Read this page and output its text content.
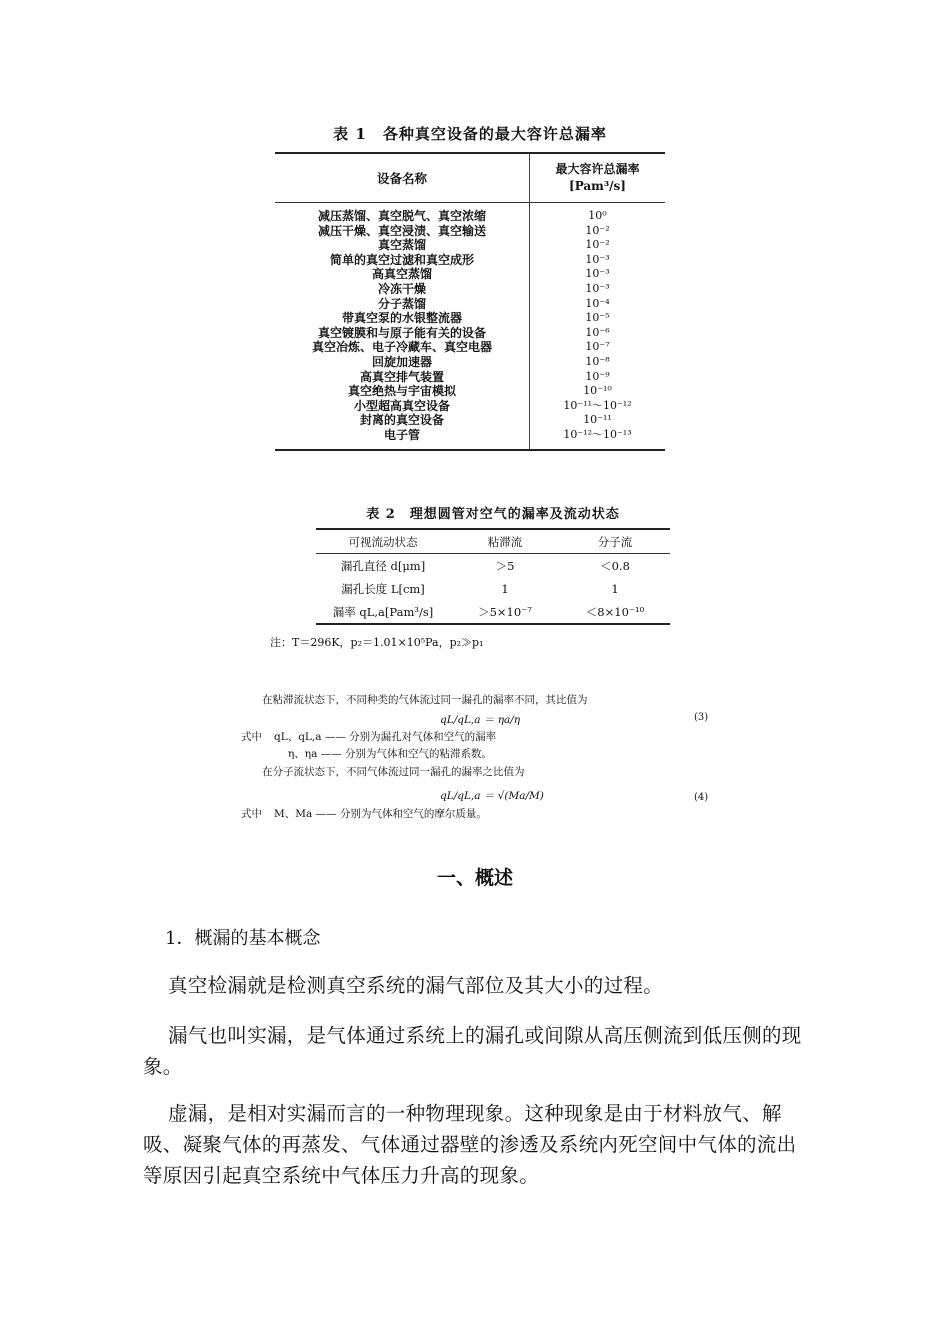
表 1　各种真空设备的最大容许总漏率
设备名称	最大容许总漏率
[Pam³/s]

减压蒸馏、真空脱气、真空浓缩	10⁰
减压干燥、真空浸渍、真空输送	10⁻²
真空蒸馏	10⁻²
简单的真空过滤和真空成形	10⁻³
高真空蒸馏	10⁻³
冷冻干燥	10⁻³
分子蒸馏	10⁻⁴
带真空泵的水银整流器	10⁻⁵
真空镀膜和与原子能有关的设备	10⁻⁶
真空冶炼、电子冷藏车、真空电器	10⁻⁷
回旋加速器	10⁻⁸
高真空排气装置	10⁻⁹
真空绝热与宇宙模拟	10⁻¹⁰
小型超高真空设备	10⁻¹¹～10⁻¹²
封离的真空设备	10⁻¹¹
电子管	10⁻¹²～10⁻¹³
表 2　理想圆管对空气的漏率及流动状态
可视流动状态	粘滞流	分子流
漏孔直径 d[μm]	＞5	＜0.8
漏孔长度 L[cm]	1	1
漏率 qL,a[Pam³/s]	＞5×10⁻⁷	＜8×10⁻¹⁰
注：T＝296K，p₂＝1.01×10⁵Pa，p₂≫p₁
在粘滞流状态下，不同种类的气体流过同一漏孔的漏率不同，其比值为
qL/qL,a ＝ ηa/η	(3)
式中 qL、qL,a —— 分别为漏孔对气体和空气的漏率
η、ηa —— 分别为气体和空气的粘滞系数。
在分子流状态下，不同气体流过同一漏孔的漏率之比值为
qL/qL,a ＝ √(Ma/M)	(4)
式中 M、Ma —— 分别为气体和空气的摩尔质量。
一、概述
1．概漏的基本概念
真空检漏就是检测真空系统的漏气部位及其大小的过程。
漏气也叫实漏，是气体通过系统上的漏孔或间隙从高压侧流到低压侧的现象。
虚漏，是相对实漏而言的一种物理现象。这种现象是由于材料放气、解吸、凝聚气体的再蒸发、气体通过器壁的渗透及系统内死空间中气体的流出等原因引起真空系统中气体压力升高的现象。
